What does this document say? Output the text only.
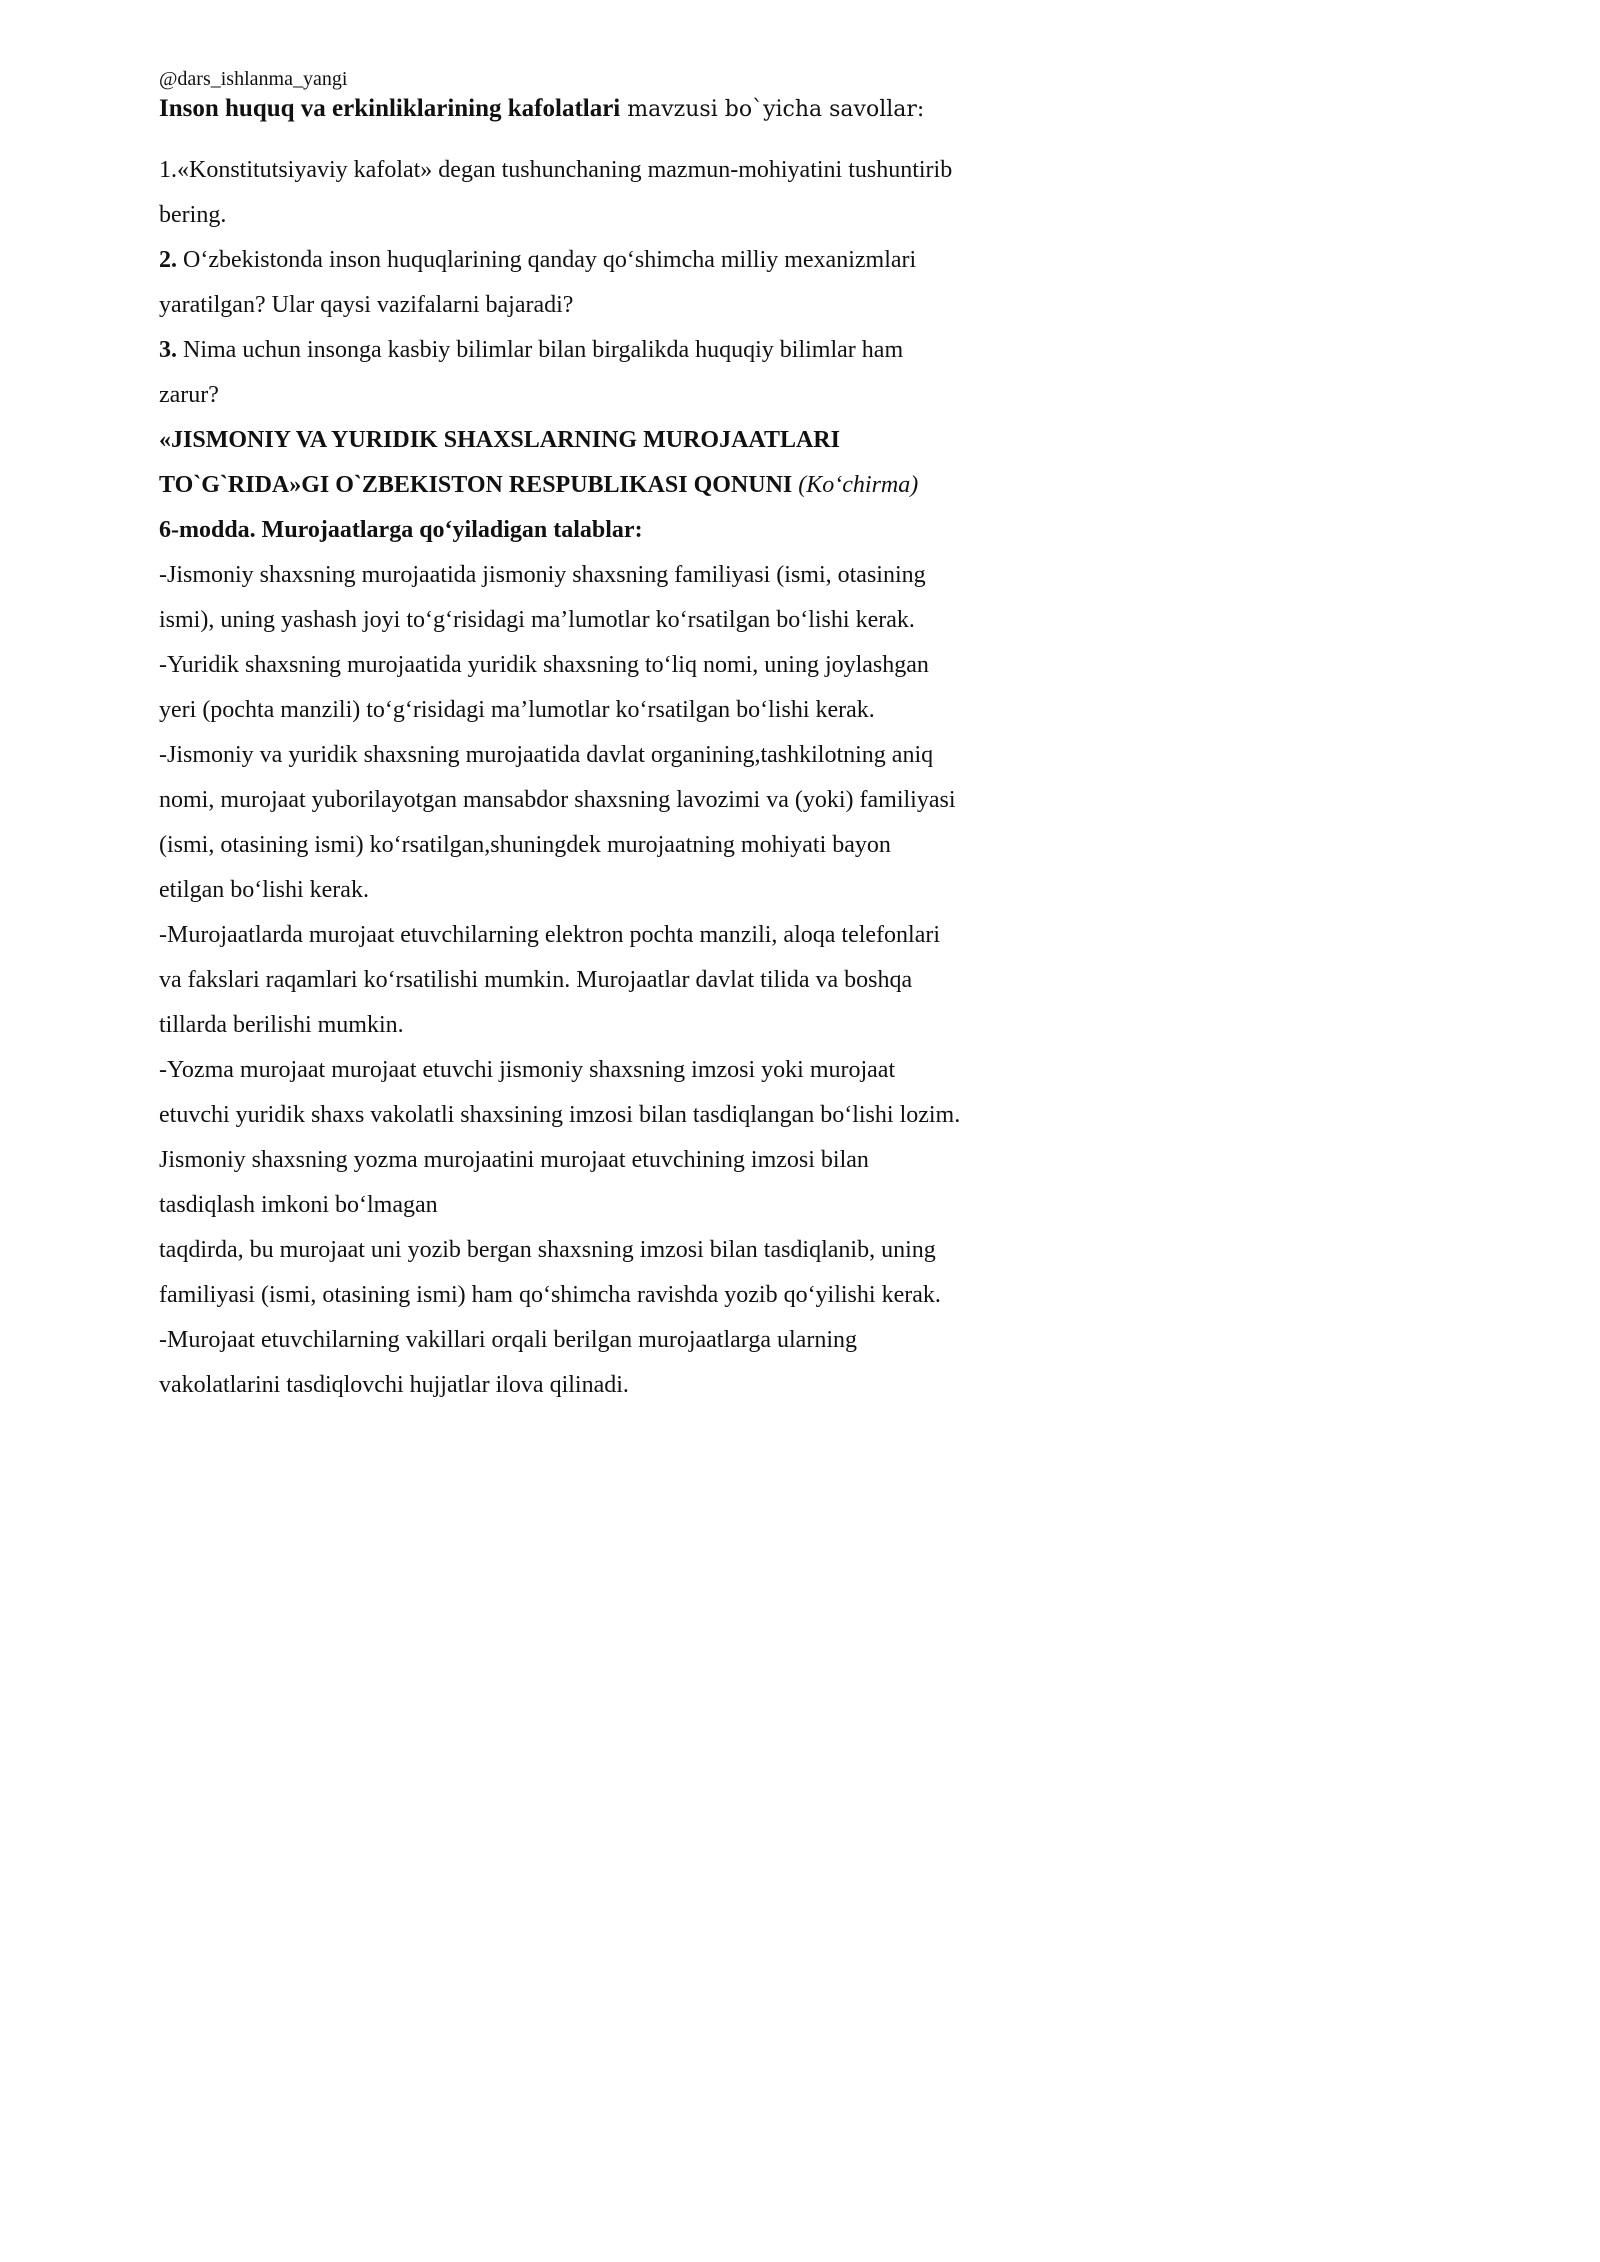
@dars_ishlanma_yangi

Inson huquq va erkinliklarining kafolatlari mavzusi bo`yicha savollar:

1.«Konstitutsiyaviy kafolat» degan tushunchaning mazmun-mohiyatini tushuntirib

bering.

2. O‘zbekistonda inson huquqlarining qanday qo‘shimcha milliy mexanizmlari

yaratilgan? Ular qaysi vazifalarni bajaradi?

3. Nima uchun insonga kasbiy bilimlar bilan birgalikda huquqiy bilimlar ham

zarur?

«JISMONIY VA YURIDIK SHAXSLARNING MUROJAATLARI

TO`G`RIDA»GI O`ZBEKISTON RESPUBLIKASI QONUNI (Ko‘chirma)

6-modda. Murojaatlarga qo‘yiladigan talablar:

-Jismoniy shaxsning murojaatida jismoniy shaxsning familiyasi (ismi, otasining

ismi), uning yashash joyi to‘g‘risidagi ma’lumotlar ko‘rsatilgan bo‘lishi kerak.

-Yuridik shaxsning murojaatida yuridik shaxsning to‘liq nomi, uning joylashgan

yeri (pochta manzili) to‘g‘risidagi ma’lumotlar ko‘rsatilgan bo‘lishi kerak.

-Jismoniy va yuridik shaxsning murojaatida davlat organining,tashkilotning aniq

nomi, murojaat yuborilayotgan mansabdor shaxsning lavozimi va (yoki) familiyasi

(ismi, otasining ismi) ko‘rsatilgan,shuningdek murojaatning mohiyati bayon

etilgan bo‘lishi kerak.

-Murojaatlarda murojaat etuvchilarning elektron pochta manzili, aloqa telefonlari

va fakslari raqamlari ko‘rsatilishi mumkin. Murojaatlar davlat tilida va boshqa

tillarda berilishi mumkin.

-Yozma murojaat murojaat etuvchi jismoniy shaxsning imzosi yoki murojaat

etuvchi yuridik shaxs vakolatli shaxsining imzosi bilan tasdiqlangan bo‘lishi lozim.

Jismoniy shaxsning yozma murojaatini murojaat etuvchining imzosi bilan

tasdiqlash imkoni bo‘lmagan

taqdirda, bu murojaat uni yozib bergan shaxsning imzosi bilan tasdiqlanib, uning

familiyasi (ismi, otasining ismi) ham qo‘shimcha ravishda yozib qo‘yilishi kerak.

-Murojaat etuvchilarning vakillari orqali berilgan murojaatlarga ularning

vakolatlarini tasdiqlovchi hujjatlar ilova qilinadi.
